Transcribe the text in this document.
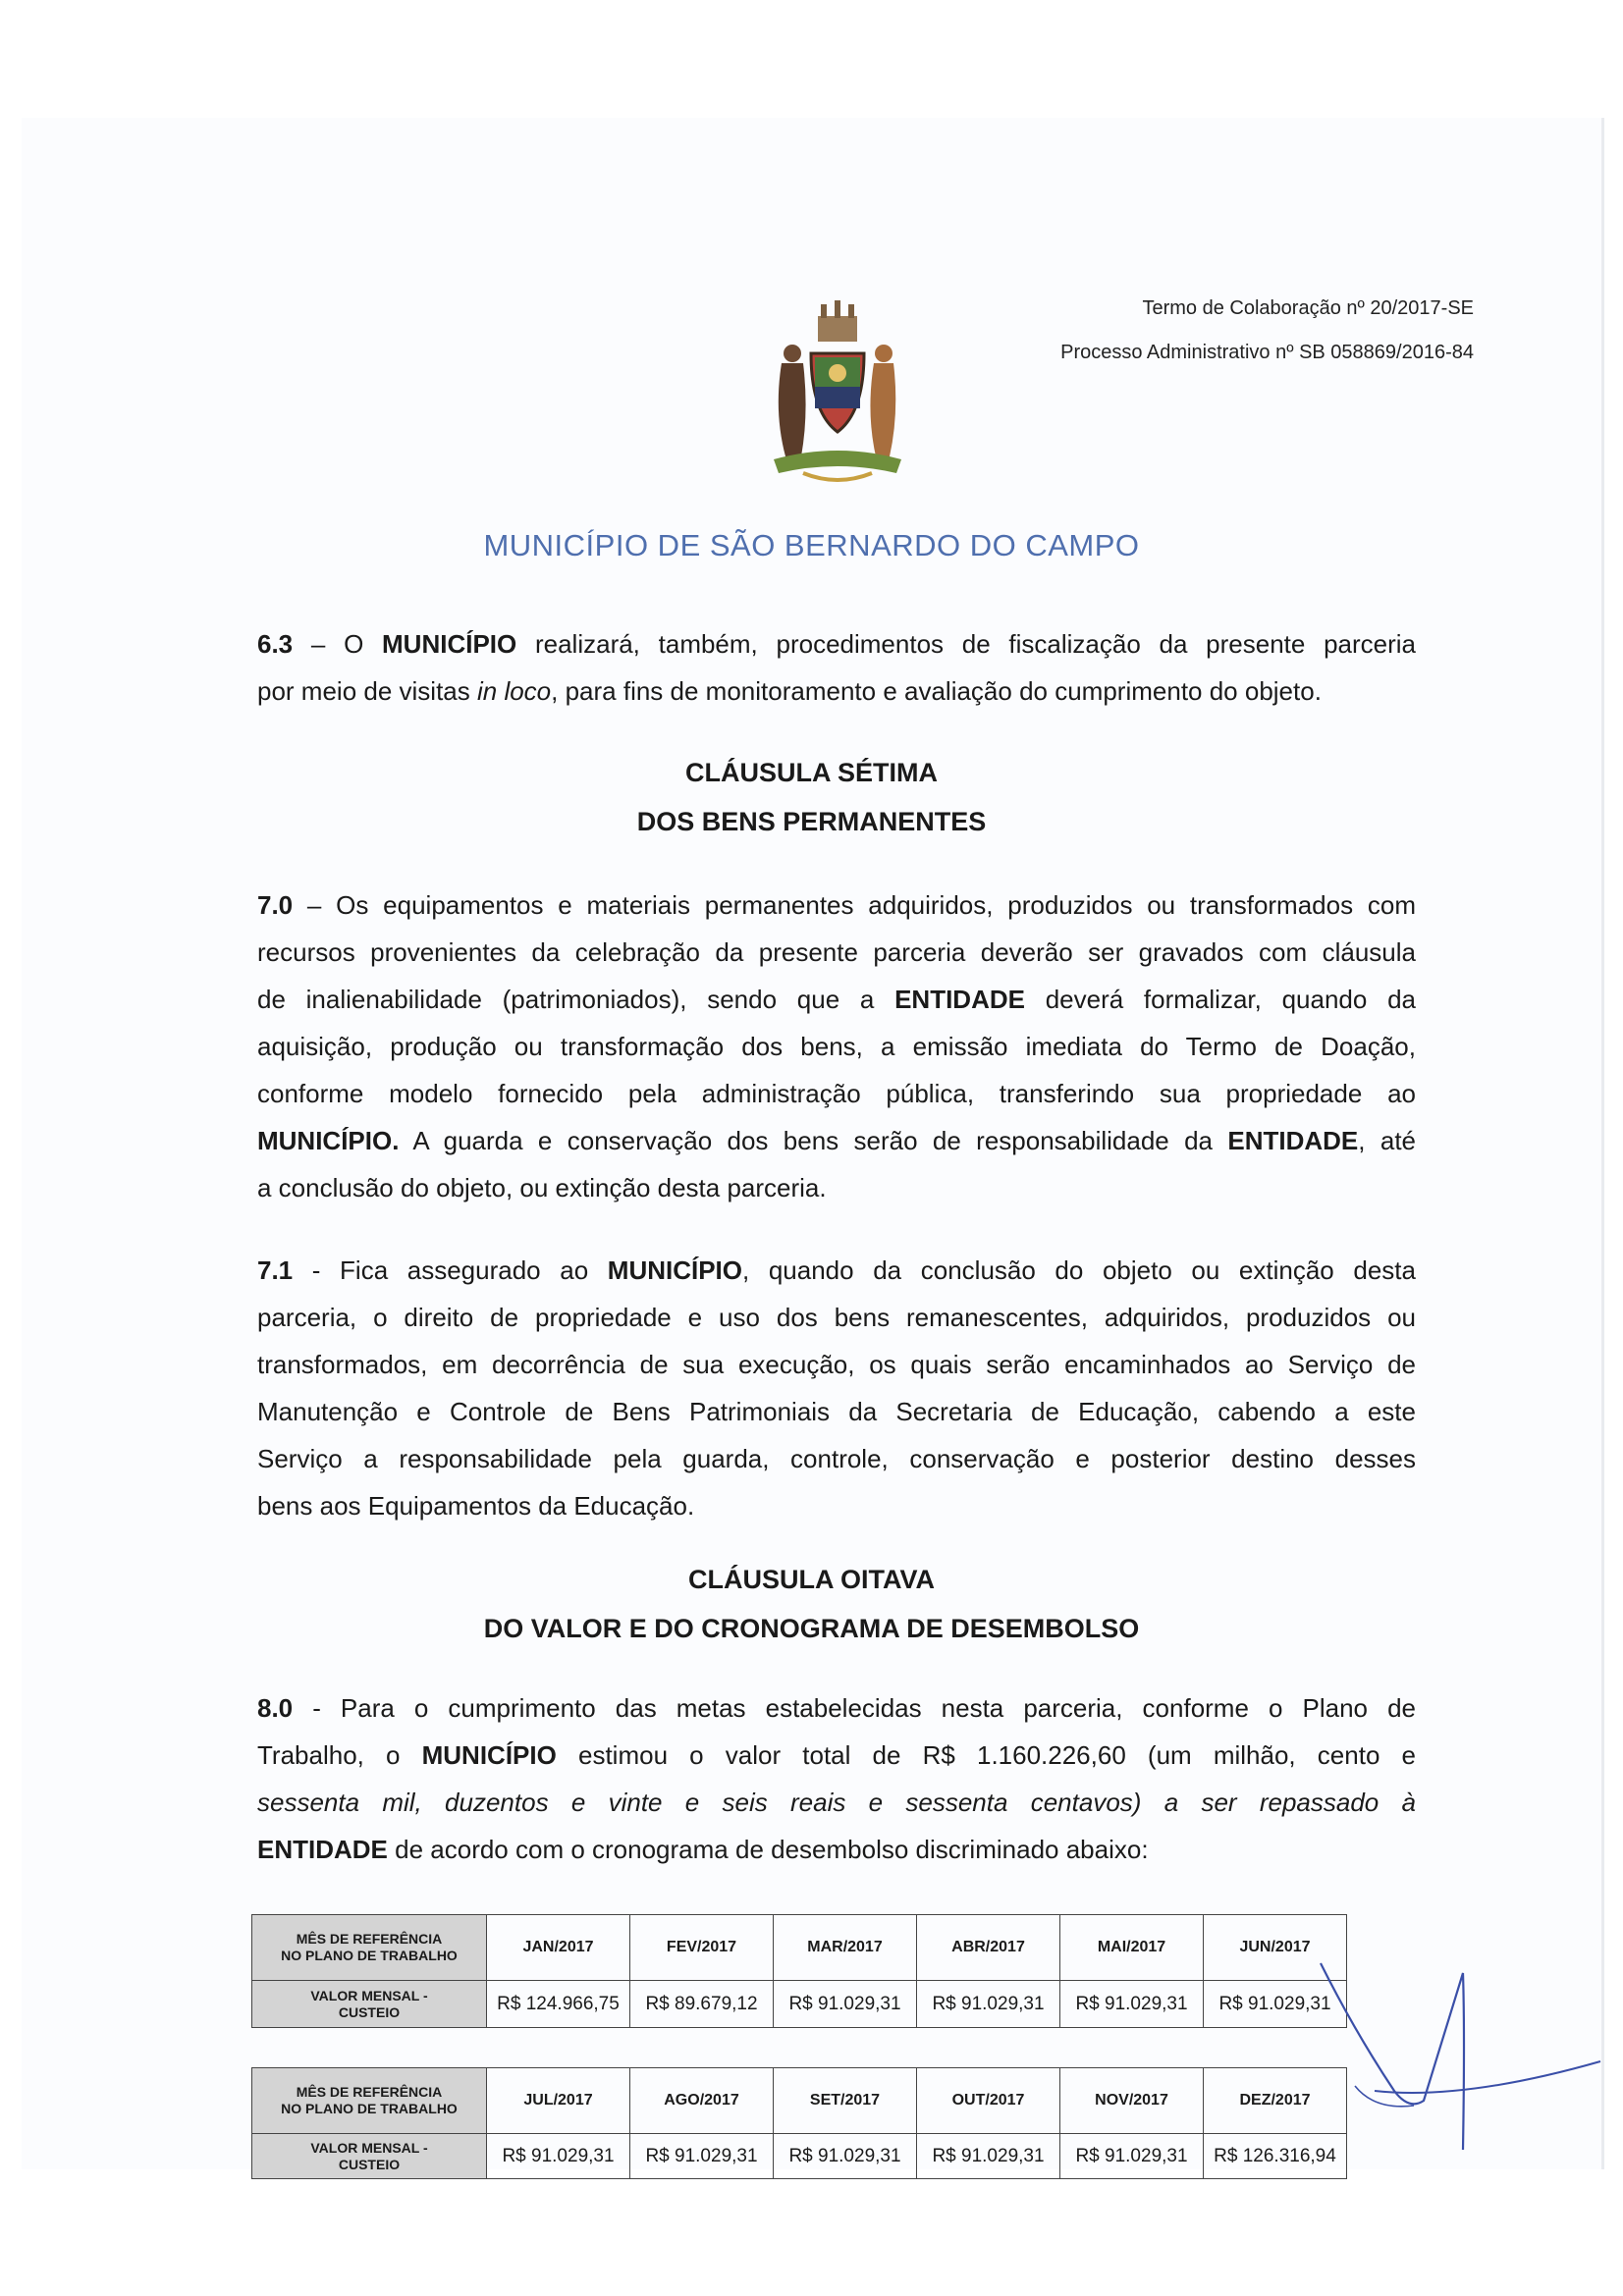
Termo de Colaboração nº 20/2017-SE
Processo Administrativo nº SB 058869/2016-84
MUNICÍPIO DE SÃO BERNARDO DO CAMPO
6.3 – O MUNICÍPIO realizará, também, procedimentos de fiscalização da presente parceria
por meio de visitas in loco, para fins de monitoramento e avaliação do cumprimento do objeto.
CLÁUSULA SÉTIMA
DOS BENS PERMANENTES
7.0 – Os equipamentos e materiais permanentes adquiridos, produzidos ou transformados com
recursos provenientes da celebração da presente parceria deverão ser gravados com cláusula
de inalienabilidade (patrimoniados), sendo que a ENTIDADE deverá formalizar, quando da
aquisição, produção ou transformação dos bens, a emissão imediata do Termo de Doação,
conforme modelo fornecido pela administração pública, transferindo sua propriedade ao
MUNICÍPIO. A guarda e conservação dos bens serão de responsabilidade da ENTIDADE, até
a conclusão do objeto, ou extinção desta parceria.
7.1 - Fica assegurado ao MUNICÍPIO, quando da conclusão do objeto ou extinção desta
parceria, o direito de propriedade e uso dos bens remanescentes, adquiridos, produzidos ou
transformados, em decorrência de sua execução, os quais serão encaminhados ao Serviço de
Manutenção e Controle de Bens Patrimoniais da Secretaria de Educação, cabendo a este
Serviço a responsabilidade pela guarda, controle, conservação e posterior destino desses
bens aos Equipamentos da Educação.
CLÁUSULA OITAVA
DO VALOR E DO CRONOGRAMA DE DESEMBOLSO
8.0 - Para o cumprimento das metas estabelecidas nesta parceria, conforme o Plano de
Trabalho, o MUNICÍPIO estimou o valor total de R$ 1.160.226,60 (um milhão, cento e
sessenta mil, duzentos e vinte e seis reais e sessenta centavos) a ser repassado à
ENTIDADE de acordo com o cronograma de desembolso discriminado abaixo:
MÊS DE REFERÊNCIA
NO PLANO DE TRABALHO	JAN/2017	FEV/2017	MAR/2017	ABR/2017	MAI/2017	JUN/2017

VALOR MENSAL -
CUSTEIO	R$ 124.966,75	R$ 89.679,12	R$ 91.029,31	R$ 91.029,31	R$ 91.029,31	R$ 91.029,31
MÊS DE REFERÊNCIA
NO PLANO DE TRABALHO	JUL/2017	AGO/2017	SET/2017	OUT/2017	NOV/2017	DEZ/2017

VALOR MENSAL -
CUSTEIO	R$ 91.029,31	R$ 91.029,31	R$ 91.029,31	R$ 91.029,31	R$ 91.029,31	R$ 126.316,94
